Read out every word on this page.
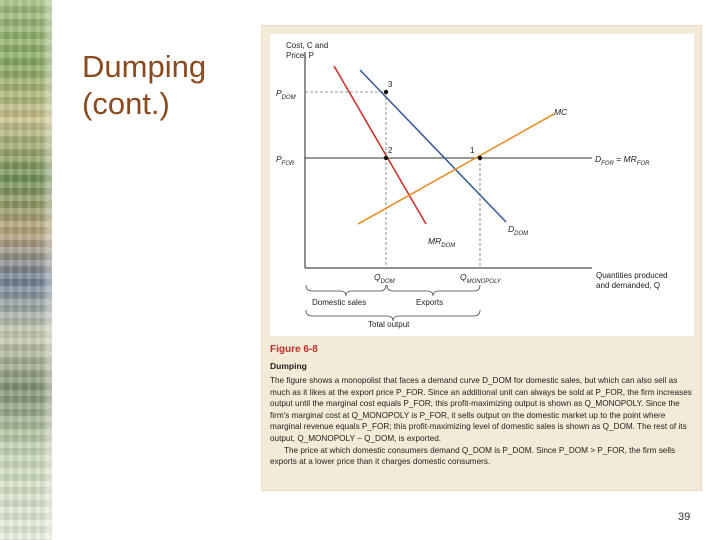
Dumping
(cont.)
Cost, C and
Price, P
Quantities produced
and demanded, Q
3
2	1
$P_{DOM}$
$P_{FOR}$
MC
$D_{DOM}$
$MR_{DOM}$
$D_{FOR} = MR_{FOR}$
$Q_{DOM}$	$Q_{MONOPOLY}$
Domestic sales	Exports
Total output
Figure 6-8
Dumping

The figure shows a monopolist that faces a demand curve D_DOM for domestic sales, but which can also sell as much as it likes at the export price P_FOR. Since an additional unit can always be sold at P_FOR, the firm increases output until the marginal cost equals P_FOR; this profit-maximizing output is shown as Q_MONOPOLY. Since the firm's marginal cost at Q_MONOPOLY is P_FOR, it sells output on the domestic market up to the point where marginal revenue equals P_FOR; this profit-maximizing level of domestic sales is shown as Q_DOM. The rest of its output, Q_MONOPOLY − Q_DOM, is exported.

The price at which domestic consumers demand Q_DOM is P_DOM. Since P_DOM > P_FOR, the firm sells exports at a lower price than it charges domestic consumers.

39
